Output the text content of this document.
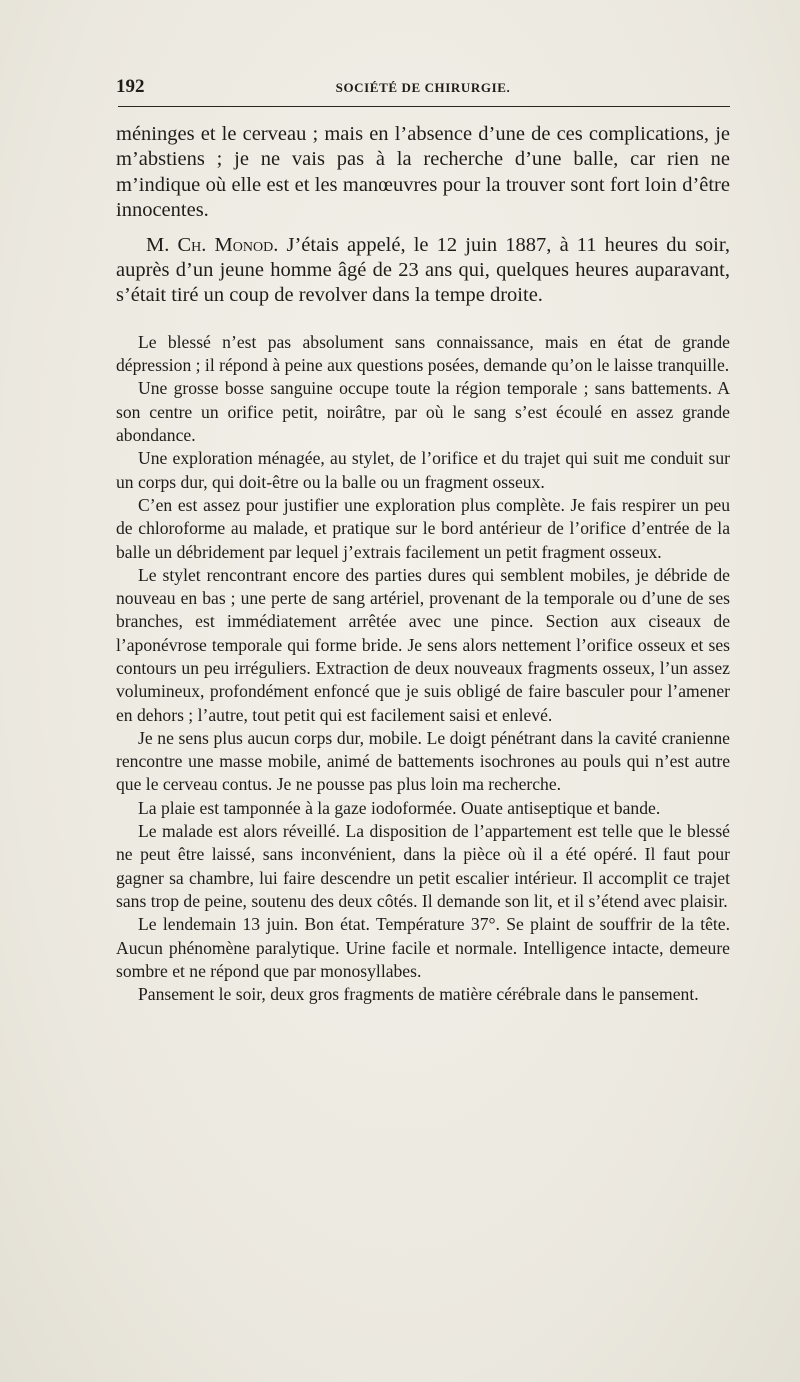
192	SOCIÉTÉ DE CHIRURGIE.

méninges et le cerveau ; mais en l’absence d’une de ces complications, je m’abstiens ; je ne vais pas à la recherche d’une balle, car rien ne m’indique où elle est et les manœuvres pour la trouver sont fort loin d’être innocentes.

M. Ch. Monod. J’étais appelé, le 12 juin 1887, à 11 heures du soir, auprès d’un jeune homme âgé de 23 ans qui, quelques heures auparavant, s’était tiré un coup de revolver dans la tempe droite.

Le blessé n’est pas absolument sans connaissance, mais en état de grande dépression ; il répond à peine aux questions posées, demande qu’on le laisse tranquille.

Une grosse bosse sanguine occupe toute la région temporale ; sans battements. A son centre un orifice petit, noirâtre, par où le sang s’est écoulé en assez grande abondance.

Une exploration ménagée, au stylet, de l’orifice et du trajet qui suit me conduit sur un corps dur, qui doit-être ou la balle ou un fragment osseux.

C’en est assez pour justifier une exploration plus complète. Je fais respirer un peu de chloroforme au malade, et pratique sur le bord antérieur de l’orifice d’entrée de la balle un débridement par lequel j’extrais facilement un petit fragment osseux.

Le stylet rencontrant encore des parties dures qui semblent mobiles, je débride de nouveau en bas ; une perte de sang artériel, provenant de la temporale ou d’une de ses branches, est immédiatement arrêtée avec une pince. Section aux ciseaux de l’aponévrose temporale qui forme bride. Je sens alors nettement l’orifice osseux et ses contours un peu irréguliers. Extraction de deux nouveaux fragments osseux, l’un assez volumineux, profondément enfoncé que je suis obligé de faire basculer pour l’amener en dehors ; l’autre, tout petit qui est facilement saisi et enlevé.

Je ne sens plus aucun corps dur, mobile. Le doigt pénétrant dans la cavité cranienne rencontre une masse mobile, animé de battements isochrones au pouls qui n’est autre que le cerveau contus. Je ne pousse pas plus loin ma recherche.

La plaie est tamponnée à la gaze iodoformée. Ouate antiseptique et bande.

Le malade est alors réveillé. La disposition de l’appartement est telle que le blessé ne peut être laissé, sans inconvénient, dans la pièce où il a été opéré. Il faut pour gagner sa chambre, lui faire descendre un petit escalier intérieur. Il accomplit ce trajet sans trop de peine, soutenu des deux côtés. Il demande son lit, et il s’étend avec plaisir.

Le lendemain 13 juin. Bon état. Température 37°. Se plaint de souffrir de la tête. Aucun phénomène paralytique. Urine facile et normale. Intelligence intacte, demeure sombre et ne répond que par monosyllabes.

Pansement le soir, deux gros fragments de matière cérébrale dans le pansement.
